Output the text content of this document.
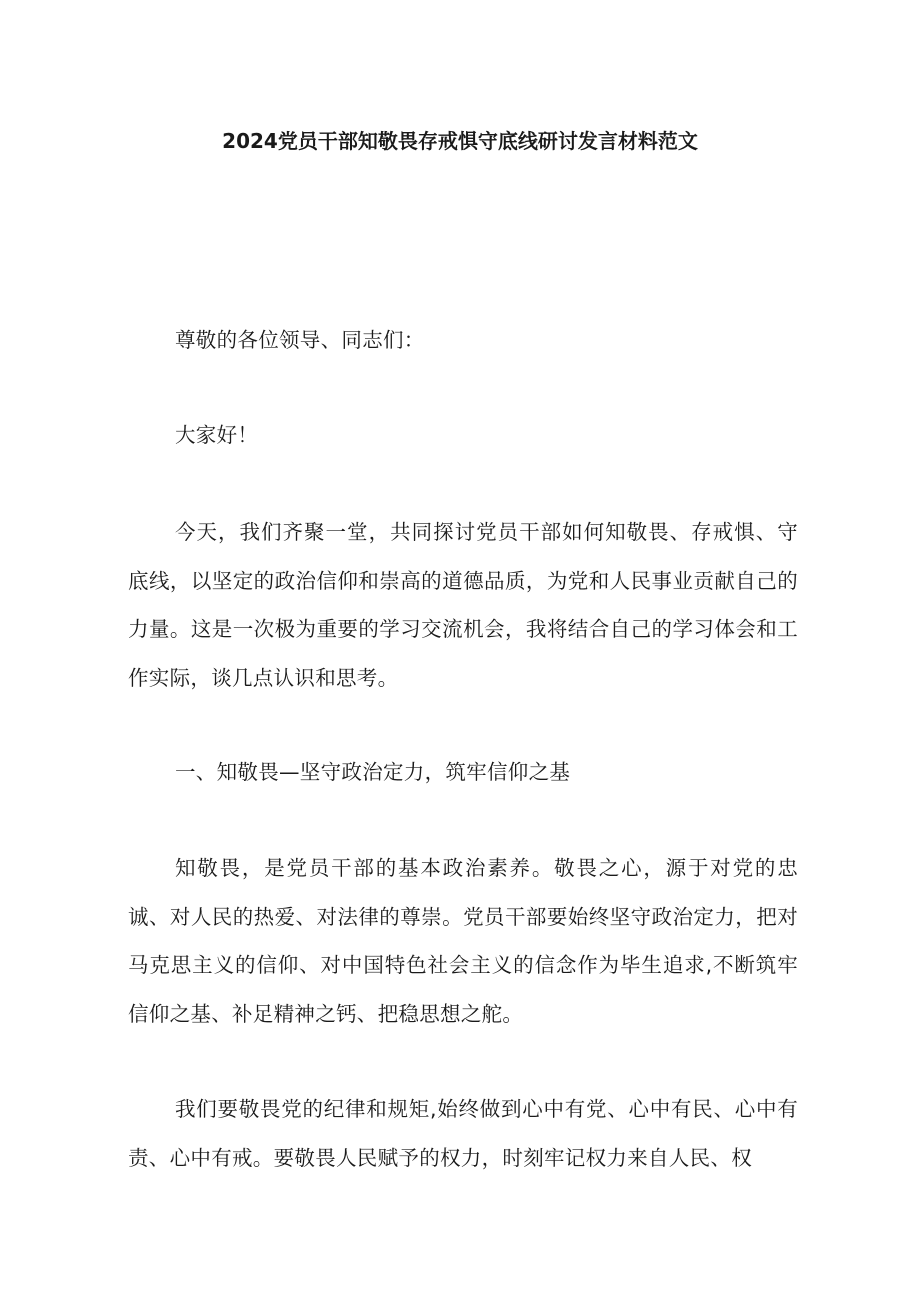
2024党员干部知敬畏存戒惧守底线研讨发言材料范文

尊敬的各位领导、同志们：

大家好！

今天，我们齐聚一堂，共同探讨党员干部如何知敬畏、存戒惧、守底线，以坚定的政治信仰和崇高的道德品质，为党和人民事业贡献自己的力量。这是一次极为重要的学习交流机会，我将结合自己的学习体会和工作实际，谈几点认识和思考。

一、知敬畏—坚守政治定力，筑牢信仰之基

知敬畏，是党员干部的基本政治素养。敬畏之心，源于对党的忠诚、对人民的热爱、对法律的尊崇。党员干部要始终坚守政治定力，把对马克思主义的信仰、对中国特色社会主义的信念作为毕生追求,不断筑牢信仰之基、补足精神之钙、把稳思想之舵。

我们要敬畏党的纪律和规矩,始终做到心中有党、心中有民、心中有责、心中有戒。要敬畏人民赋予的权力，时刻牢记权力来自人民、权
